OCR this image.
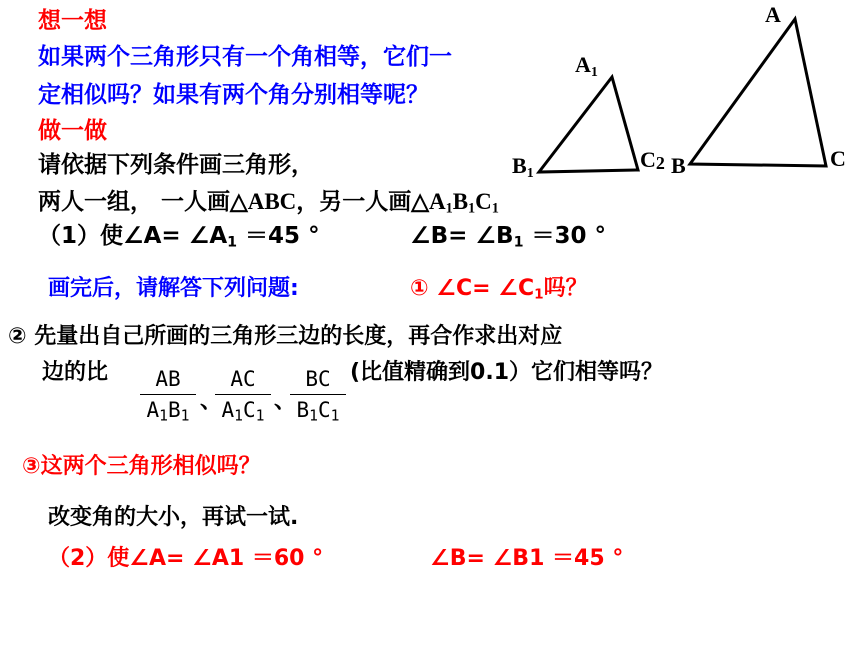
A1
B1
C2 B
A
C
想一想
如果两个三角形只有一个角相等，它们一
定相似吗？如果有两个角分别相等呢？
做一做
请依据下列条件画三角形，
两人一组， 一人画△ABC，另一人画$\triangle A_1B_1C_1$
（1）使∠A= $\angle A_1 =45$ °	∠B= $\angle B_1 =30$ °
画完后，请解答下列问题:	① ∠C= $\angle C_1$吗？
② 先量出自己所画的三角形三边的长度，再合作求出对应
边的比	AB
$A_1B_1$
、
AC
$A_1C_1$
、
BC
$B_1C_1$
(比值精确到0.1）它们相等吗？
③这两个三角形相似吗？
改变角的大小，再试一试.
（2）使∠A= ∠A1 ＝60 °	∠B= ∠B1 ＝45 °
